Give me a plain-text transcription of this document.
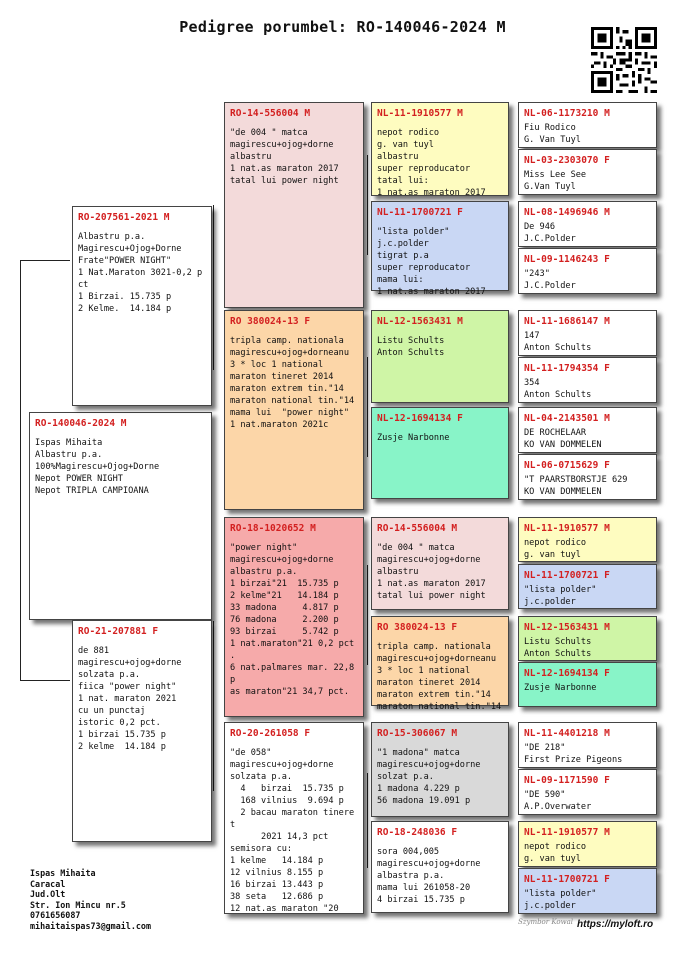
Pedigree porumbel: RO-140046-2024 M
RO-140046-2024 M
Ispas Mihaita
Albastru p.a.
100%Magirescu+Ojog+Dorne
Nepot POWER NIGHT
Nepot TRIPLA CAMPIOANA
RO-207561-2021 M
Albastru p.a.
Magirescu+Ojog+Dorne
Frate"POWER NIGHT"
1 Nat.Maraton 3021-0,2 p
ct
1 Birzai. 15.735 p
2 Kelme.  14.184 p
RO-21-207881 F
de 881
magirescu+ojog+dorne
solzata p.a.
fiica "power night"
1 nat. maraton 2021
cu un punctaj
istoric 0,2 pct.
1 birzai 15.735 p
2 kelme  14.184 p
RO-14-556004 M
"de 004 " matca
magirescu+ojog+dorne
albastru
1 nat.as maraton 2017
tatal lui power night
RO 380024-13 F
tripla camp. nationala
magirescu+ojog+dorneanu
3 * loc 1 national
maraton tineret 2014
maraton extrem tin."14
maraton national tin."14
mama lui  "power night"
1 nat.maraton 2021c
RO-18-1020652 M
"power night"
magirescu+ojog+dorne
albastru p.a.
1 birzai"21  15.735 p
2 kelme"21   14.184 p
33 madona     4.817 p
76 madona     2.200 p
93 birzai     5.742 p
1 nat.maraton"21 0,2 pct
.
6 nat.palmares mar. 22,8
p
as maraton"21 34,7 pct.
RO-20-261058 F
"de 058"
magirescu+ojog+dorne
solzata p.a.
4   birzai  15.735 p
168 vilnius  9.694 p
2 bacau maraton tinere
t
2021 14,3 pct
semisora cu:
1 kelme   14.184 p
12 vilnius 8.155 p
16 birzai 13.443 p
38 seta   12.686 p
12 nat.as maraton "20
NL-11-1910577 M
nepot rodico
g. van tuyl
albastru
super reproducator
tatal lui:
1 nat.as maraton 2017
NL-11-1700721 F
"lista polder"
j.c.polder
tigrat p.a
super reproducator
mama lui:
1 nat.as maraton 2017
NL-12-1563431 M
Listu Schults
Anton Schults
NL-12-1694134 F
Zusje Narbonne
RO-14-556004 M
"de 004 " matca
magirescu+ojog+dorne
albastru
1 nat.as maraton 2017
tatal lui power night
RO 380024-13 F
tripla camp. nationala
magirescu+ojog+dorneanu
3 * loc 1 national
maraton tineret 2014
maraton extrem tin."14
maraton national tin."14
RO-15-306067 M
"1 madona" matca
magirescu+ojog+dorne
solzat p.a.
1 madona 4.229 p
56 madona 19.091 p
RO-18-248036 F
sora 004,005
magirescu+ojog+dorne
albastra p.a.
mama lui 261058-20
4 birzai 15.735 p
NL-06-1173210 M
Fiu Rodico
G. Van Tuyl
NL-03-2303070 F
Miss Lee See
G.Van Tuyl
NL-08-1496946 M
De 946
J.C.Polder
NL-09-1146243 F
"243"
J.C.Polder
NL-11-1686147 M
147
Anton Schults
NL-11-1794354 F
354
Anton Schults
NL-04-2143501 M
DE ROCHELAAR
KO VAN DOMMELEN
NL-06-0715629 F
"T PAARSTBORSTJE 629
KO VAN DOMMELEN
NL-11-1910577 M
nepot rodico
g. van tuyl
NL-11-1700721 F
"lista polder"
j.c.polder
NL-12-1563431 M
Listu Schults
Anton Schults
NL-12-1694134 F
Zusje Narbonne
NL-11-4401218 M
"DE 218"
First Prize Pigeons
NL-09-1171590 F
"DE 590"
A.P.Overwater
NL-11-1910577 M
nepot rodico
g. van tuyl
NL-11-1700721 F
"lista polder"
j.c.polder
Ispas Mihaita
Caracal
Jud.Olt
Str. Ion Mincu nr.5
0761656087
mihaitaispas73@gmail.com	Szymbor Kowal https://myloft.ro
